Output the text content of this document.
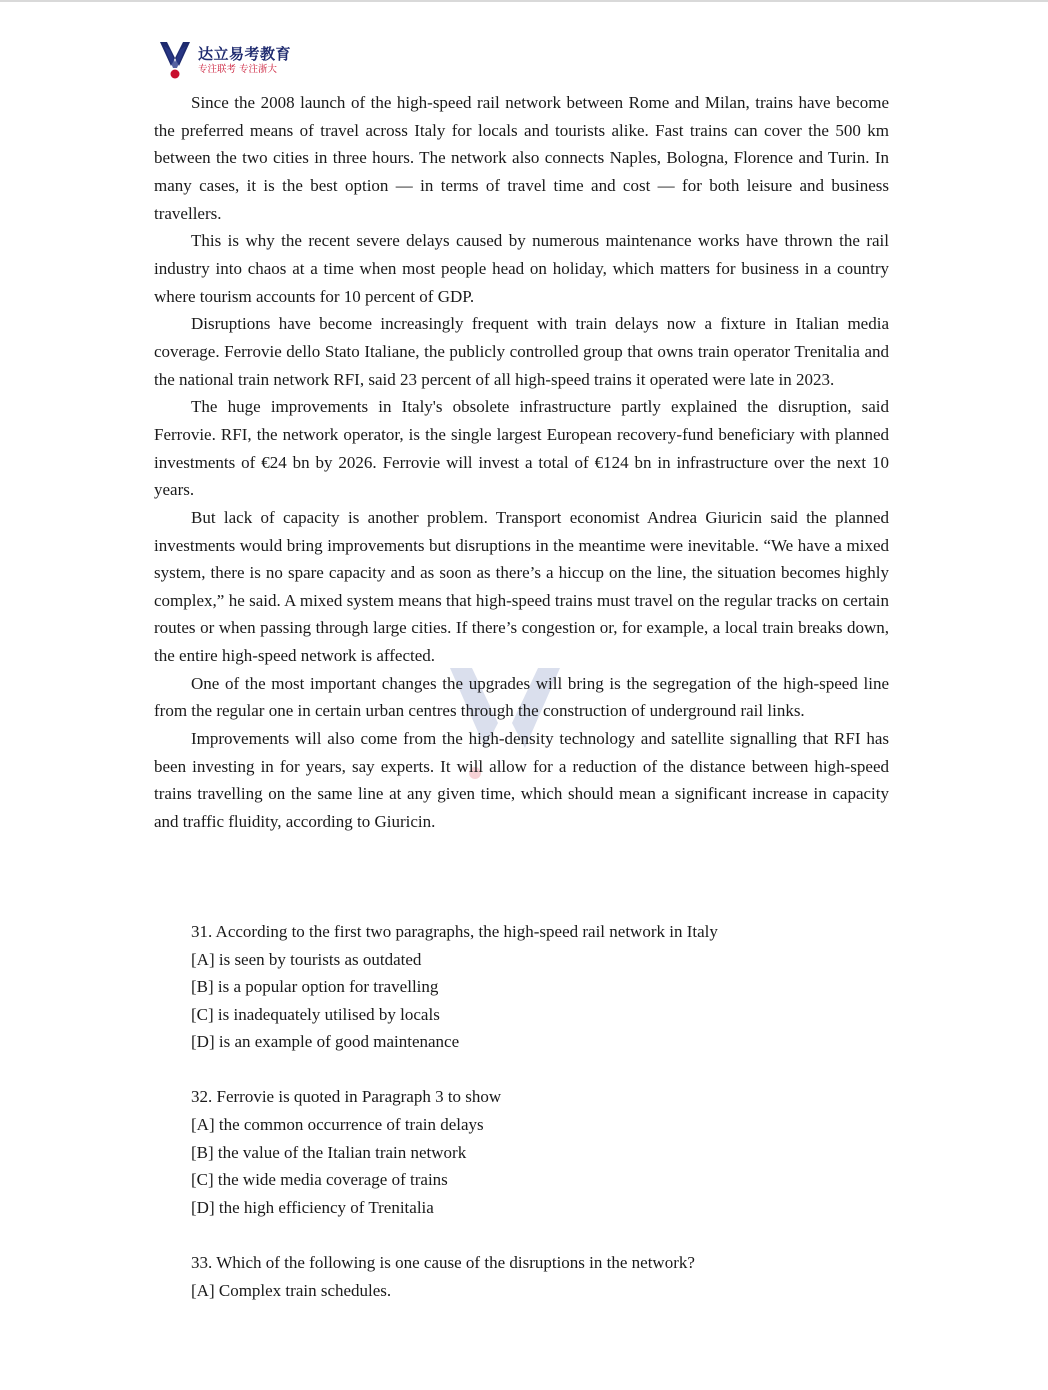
达立易考教育
专注联考 专注浙大

Since the 2008 launch of the high-speed rail network between Rome and Milan, trains have become the preferred means of travel across Italy for locals and tourists alike. Fast trains can cover the 500 km between the two cities in three hours. The network also connects Naples, Bologna, Florence and Turin. In many cases, it is the best option — in terms of travel time and cost — for both leisure and business travellers.

This is why the recent severe delays caused by numerous maintenance works have thrown the rail industry into chaos at a time when most people head on holiday, which matters for business in a country where tourism accounts for 10 percent of GDP.

Disruptions have become increasingly frequent with train delays now a fixture in Italian media coverage. Ferrovie dello Stato Italiane, the publicly controlled group that owns train operator Trenitalia and the national train network RFI, said 23 percent of all high-speed trains it operated were late in 2023.

The huge improvements in Italy's obsolete infrastructure partly explained the disruption, said Ferrovie. RFI, the network operator, is the single largest European recovery-fund beneficiary with planned investments of €24 bn by 2026. Ferrovie will invest a total of €124 bn in infrastructure over the next 10 years.

But lack of capacity is another problem. Transport economist Andrea Giuricin said the planned investments would bring improvements but disruptions in the meantime were inevitable. “We have a mixed system, there is no spare capacity and as soon as there’s a hiccup on the line, the situation becomes highly complex,” he said. A mixed system means that high-speed trains must travel on the regular tracks on certain routes or when passing through large cities. If there’s congestion or, for example, a local train breaks down, the entire high-speed network is affected.

One of the most important changes the upgrades will bring is the segregation of the high-speed line from the regular one in certain urban centres through the construction of underground rail links.

Improvements will also come from the high-density technology and satellite signalling that RFI has been investing in for years, say experts. It will allow for a reduction of the distance between high-speed trains travelling on the same line at any given time, which should mean a significant increase in capacity and traffic fluidity, according to Giuricin.

31. According to the first two paragraphs, the high-speed rail network in Italy
[A] is seen by tourists as outdated
[B] is a popular option for travelling
[C] is inadequately utilised by locals
[D] is an example of good maintenance
32. Ferrovie is quoted in Paragraph 3 to show
[A] the common occurrence of train delays
[B] the value of the Italian train network
[C] the wide media coverage of trains
[D] the high efficiency of Trenitalia
33. Which of the following is one cause of the disruptions in the network?
[A] Complex train schedules.
